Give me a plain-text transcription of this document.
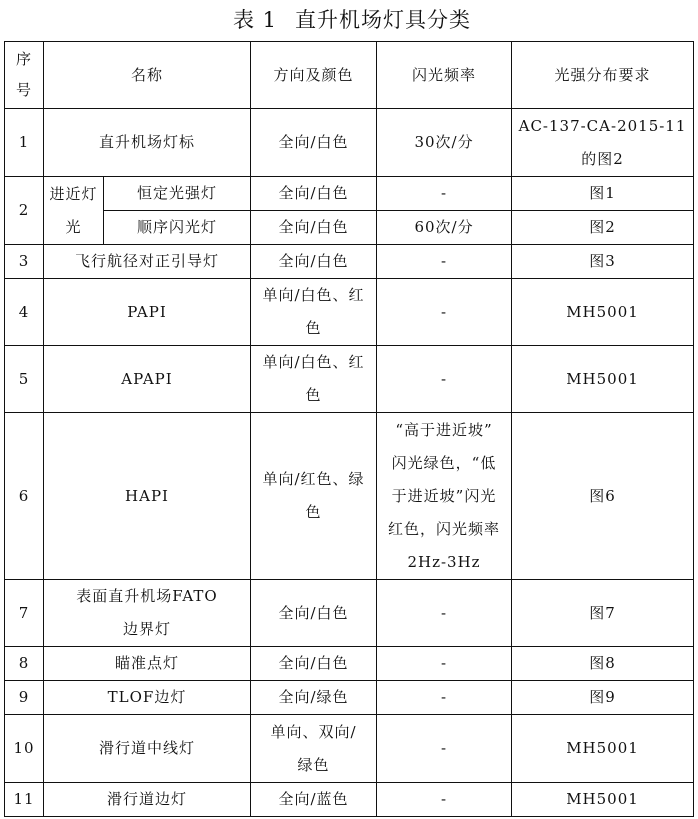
表 1 直升机场灯具分类
序
号	名称		方向及颜色	闪光频率	光强分布要求
1	直升机场灯标		全向/白色	30次/分	AC-137-CA-2015-11
的图2
2	进近灯光	恒定光强灯	全向/白色	-	图1
		顺序闪光灯	全向/白色	60次/分	图2
3	飞行航径对正引导灯		全向/白色	-	图3
4	PAPI		单向/白色、红
色	-	MH5001
5	APAPI		单向/白色、红
色	-	MH5001
6	HAPI		单向/红色、绿
色	“高于进近坡”
闪光绿色，“低
于进近坡”闪光
红色，闪光频率
2Hz-3Hz	图6
7	表面直升机场FATO
边界灯		全向/白色	-	图7
8	瞄准点灯		全向/白色	-	图8
9	TLOF边灯		全向/绿色	-	图9
10	滑行道中线灯		单向、双向/
绿色	-	MH5001
11	滑行道边灯		全向/蓝色	-	MH5001
